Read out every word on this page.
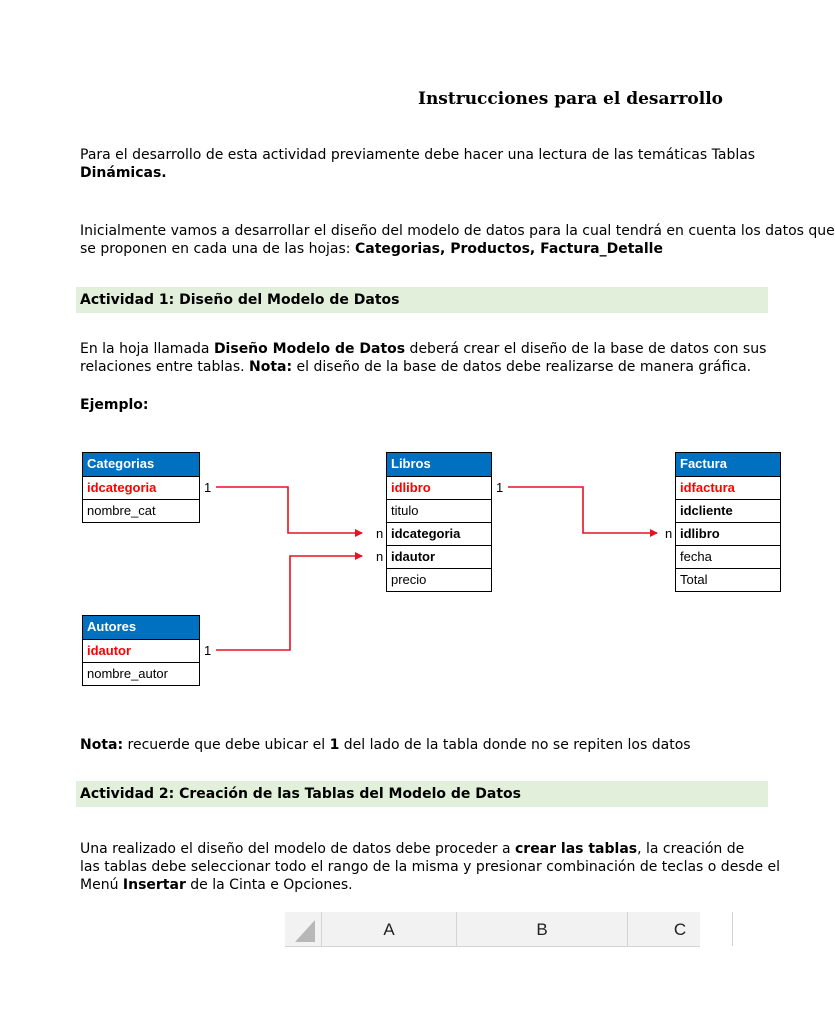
Instrucciones para el desarrollo
Para el desarrollo de esta actividad previamente debe hacer una lectura de las temáticas Tablas
Dinámicas.
Inicialmente vamos a desarrollar el diseño del modelo de datos para la cual tendrá en cuenta los datos que
se proponen en cada una de las hojas: Categorias, Productos, Factura_Detalle
Actividad 1: Diseño del Modelo de Datos
En la hoja llamada Diseño Modelo de Datos deberá crear el diseño de la base de datos con sus
relaciones entre tablas. Nota: el diseño de la base de datos debe realizarse de manera gráfica.
Ejemplo:
Categorias
idcategoria
nombre_cat
Autores
idautor
nombre_autor
Libros
idlibro
titulo
idcategoria
idautor
precio
Factura
idfactura
idcliente
idlibro
fecha
Total
1
1
1
n
n
n
Nota: recuerde que debe ubicar el 1 del lado de la tabla donde no se repiten los datos
Actividad 2: Creación de las Tablas del Modelo de Datos
Una realizado el diseño del modelo de datos debe proceder a crear las tablas, la creación de
las tablas debe seleccionar todo el rango de la misma y presionar combinación de teclas o desde el
Menú Insertar de la Cinta e Opciones.
A	B	C
